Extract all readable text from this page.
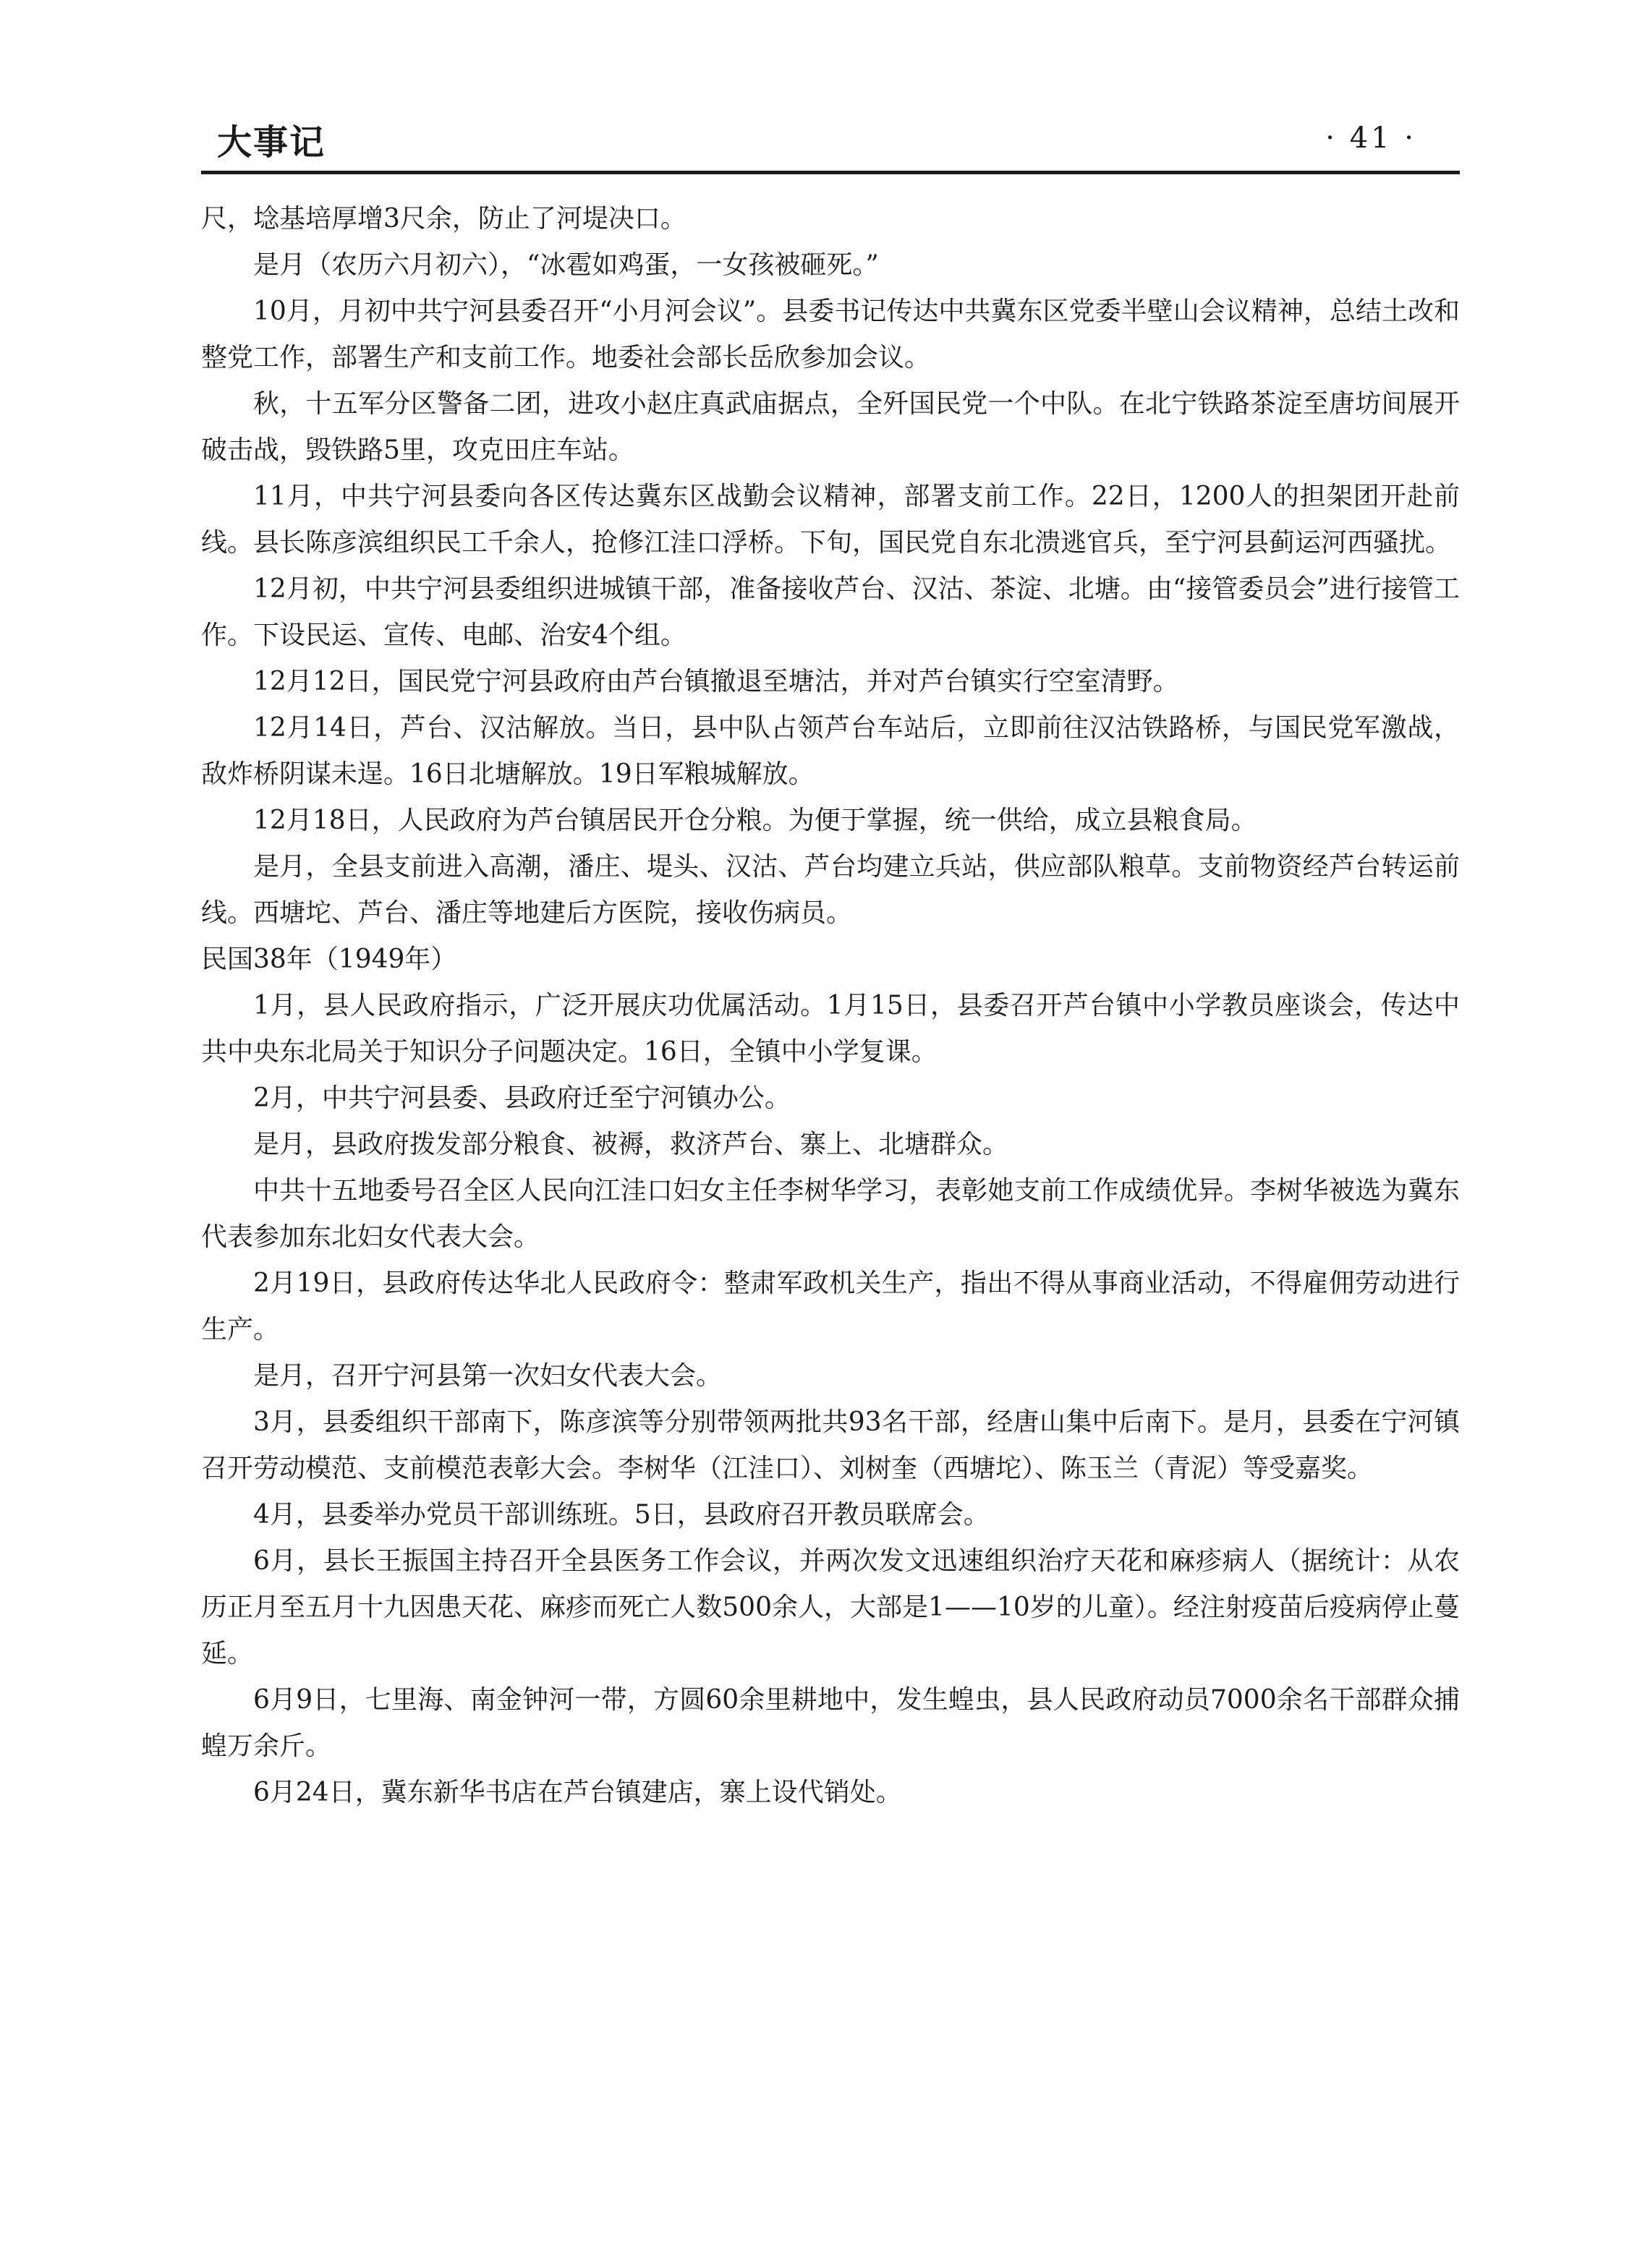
大事记	· 41 ·

尺，埝基培厚增3尺余，防止了河堤决口。

是月（农历六月初六），“冰雹如鸡蛋，一女孩被砸死。”

10月，月初中共宁河县委召开“小月河会议”。县委书记传达中共冀东区党委半壁山会议精神，总结土改和整党工作，部署生产和支前工作。地委社会部长岳欣参加会议。

秋，十五军分区警备二团，进攻小赵庄真武庙据点，全歼国民党一个中队。在北宁铁路茶淀至唐坊间展开破击战，毁铁路5里，攻克田庄车站。

11月，中共宁河县委向各区传达冀东区战勤会议精神，部署支前工作。22日，1200人的担架团开赴前线。县长陈彦滨组织民工千余人，抢修江洼口浮桥。下旬，国民党自东北溃逃官兵，至宁河县蓟运河西骚扰。

12月初，中共宁河县委组织进城镇干部，准备接收芦台、汉沽、茶淀、北塘。由“接管委员会”进行接管工作。下设民运、宣传、电邮、治安4个组。

12月12日，国民党宁河县政府由芦台镇撤退至塘沽，并对芦台镇实行空室清野。

12月14日，芦台、汉沽解放。当日，县中队占领芦台车站后，立即前往汉沽铁路桥，与国民党军激战，敌炸桥阴谋未逞。16日北塘解放。19日军粮城解放。

12月18日，人民政府为芦台镇居民开仓分粮。为便于掌握，统一供给，成立县粮食局。

是月，全县支前进入高潮，潘庄、堤头、汉沽、芦台均建立兵站，供应部队粮草。支前物资经芦台转运前线。西塘坨、芦台、潘庄等地建后方医院，接收伤病员。

民国38年（1949年）

1月，县人民政府指示，广泛开展庆功优属活动。1月15日，县委召开芦台镇中小学教员座谈会，传达中共中央东北局关于知识分子问题决定。16日，全镇中小学复课。

2月，中共宁河县委、县政府迁至宁河镇办公。

是月，县政府拨发部分粮食、被褥，救济芦台、寨上、北塘群众。

中共十五地委号召全区人民向江洼口妇女主任李树华学习，表彰她支前工作成绩优异。李树华被选为冀东代表参加东北妇女代表大会。

2月19日，县政府传达华北人民政府令：整肃军政机关生产，指出不得从事商业活动，不得雇佣劳动进行生产。

是月，召开宁河县第一次妇女代表大会。

3月，县委组织干部南下，陈彦滨等分别带领两批共93名干部，经唐山集中后南下。是月，县委在宁河镇召开劳动模范、支前模范表彰大会。李树华（江洼口）、刘树奎（西塘坨）、陈玉兰（青泥）等受嘉奖。

4月，县委举办党员干部训练班。5日，县政府召开教员联席会。

6月，县长王振国主持召开全县医务工作会议，并两次发文迅速组织治疗天花和麻疹病人（据统计：从农历正月至五月十九因患天花、麻疹而死亡人数500余人，大部是1——10岁的儿童）。经注射疫苗后疫病停止蔓延。

6月9日，七里海、南金钟河一带，方圆60余里耕地中，发生蝗虫，县人民政府动员7000余名干部群众捕蝗万余斤。

6月24日，冀东新华书店在芦台镇建店，寨上设代销处。
